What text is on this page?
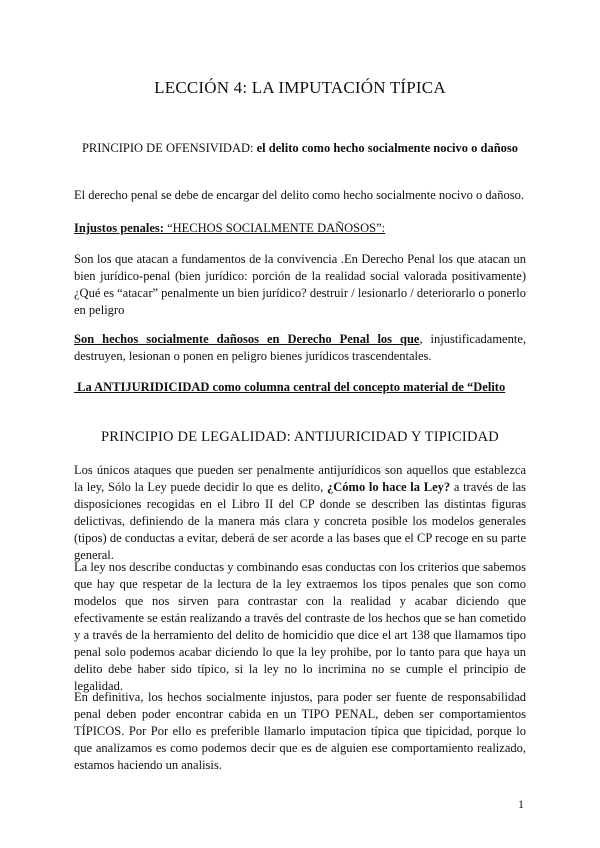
LECCIÓN 4: LA IMPUTACIÓN TÍPICA
PRINCIPIO DE OFENSIVIDAD: el delito como hecho socialmente nocivo o dañoso

El derecho penal se debe de encargar del delito como hecho socialmente nocivo o dañoso.

Injustos penales: “HECHOS SOCIALMENTE DAÑOSOS”:

Son los que atacan a fundamentos de la convivencia .En Derecho Penal los que atacan un bien jurídico-penal (bien jurídico: porción de la realidad social valorada positivamente) ¿Qué es “atacar” penalmente un bien jurídico? destruir / lesionarlo / deteriorarlo o ponerlo en peligro

Son hechos socialmente dañosos en Derecho Penal los que, injustificadamente, destruyen, lesionan o ponen en peligro bienes jurídicos trascendentales.

La ANTIJURIDICIDAD como columna central del concepto material de “Delito

PRINCIPIO DE LEGALIDAD: ANTIJURICIDAD Y TIPICIDAD

Los únicos ataques que pueden ser penalmente antijurídicos son aquellos que establezca la ley, Sólo la Ley puede decidir lo que es delito, ¿Cómo lo hace la Ley? a través de las disposiciones recogidas en el Libro II del CP donde se describen las distintas figuras delictivas, definiendo de la manera más clara y concreta posible los modelos generales (tipos) de conductas a evitar, deberá de ser acorde a las bases que el CP recoge en su parte general.

La ley nos describe conductas y combinando esas conductas con los criterios que sabemos que hay que respetar de la lectura de la ley extraemos los tipos penales que son como modelos que nos sirven para contrastar con la realidad y acabar diciendo que efectivamente se están realizando a través del contraste de los hechos que se han cometido y a través de la herramiento del delito de homicidio que dice el art 138 que llamamos tipo penal solo podemos acabar diciendo lo que la ley prohibe, por lo tanto para que haya un delito debe haber sido típico, si la ley no lo incrimina no se cumple el principio de legalidad.

En definitiva, los hechos socialmente injustos, para poder ser fuente de responsabilidad penal deben poder encontrar cabida en un TIPO PENAL, deben ser comportamientos TÍPICOS. Por Por ello es preferible llamarlo imputacion típica que tipicidad, porque lo que analizamos es como podemos decir que es de alguien ese comportamiento realizado, estamos haciendo un analisis.

1
